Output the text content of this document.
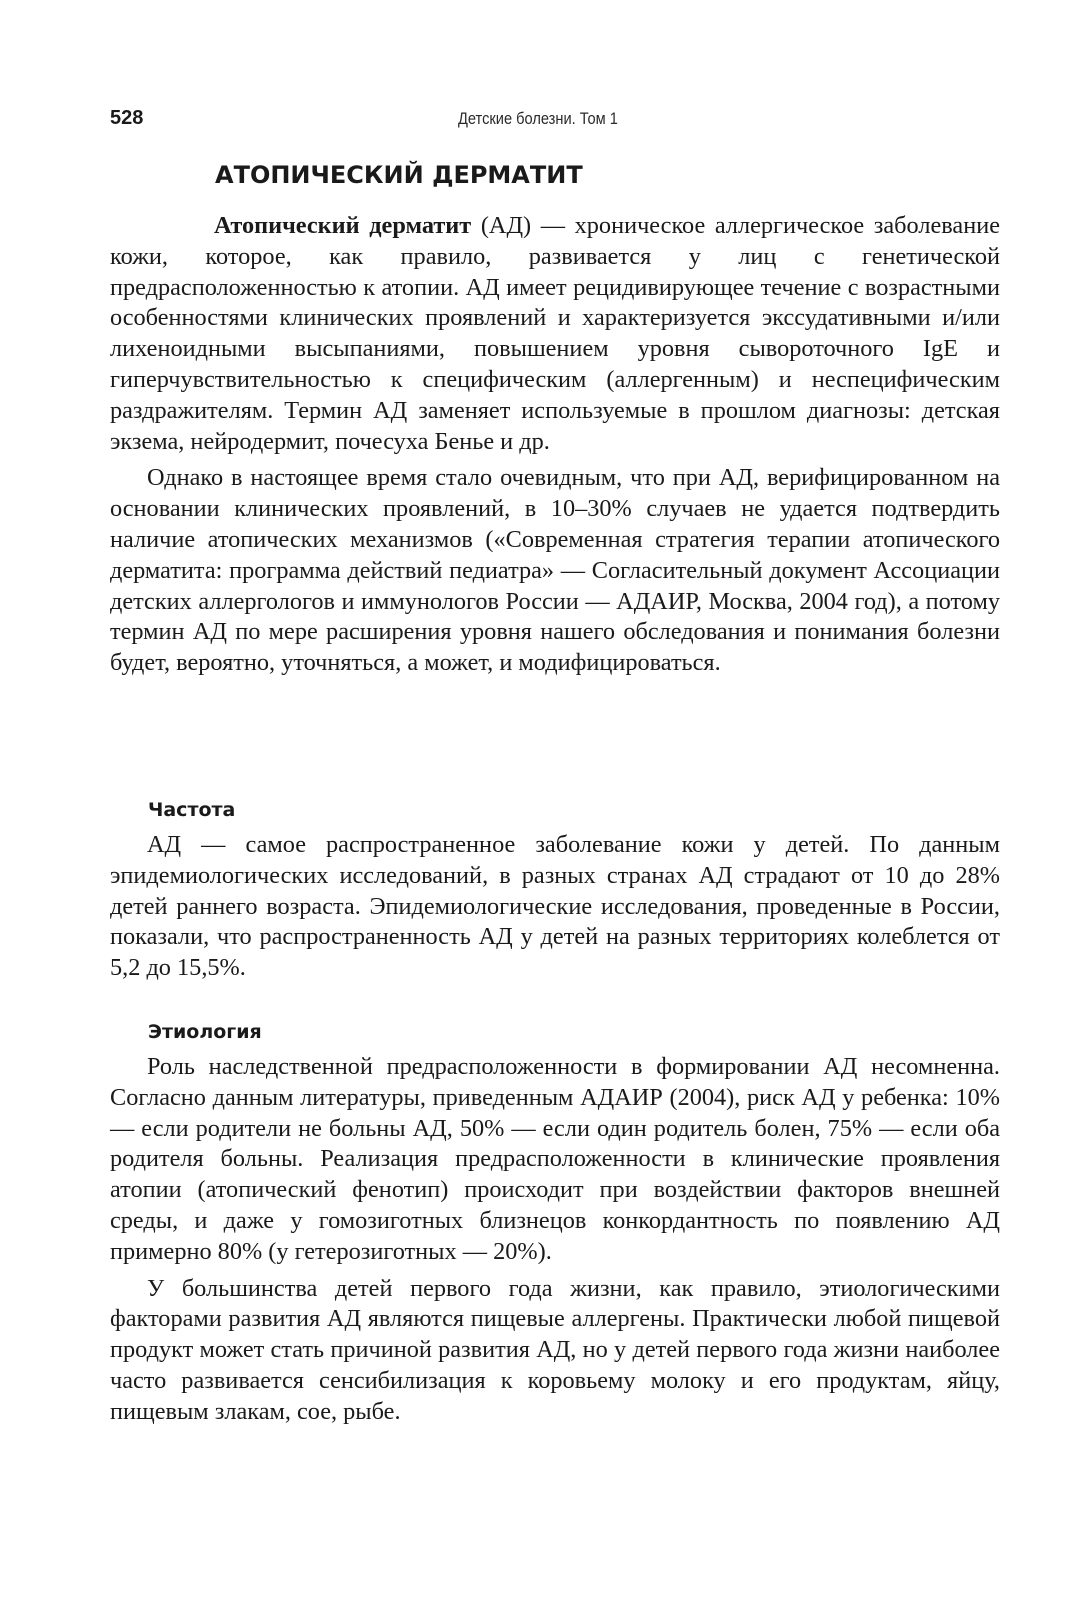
528	Детские болезни. Том 1
АТОПИЧЕСКИЙ ДЕРМАТИТ

Атопический дерматит (АД) — хроническое аллергическое заболевание кожи, которое, как правило, развивается у лиц с генетической предрасположенностью к атопии. АД имеет рецидивирующее течение с возрастными особенностями клинических проявлений и характеризуется экссудативными и/или лихеноидными высыпаниями, повышением уровня сывороточного IgE и гиперчувствительностью к специфическим (аллергенным) и неспецифическим раздражителям. Термин АД заменяет используемые в прошлом диагнозы: детская экзема, нейродермит, почесуха Бенье и др.

Однако в настоящее время стало очевидным, что при АД, верифицированном на основании клинических проявлений, в 10–30% случаев не удается подтвердить наличие атопических механизмов («Современная стратегия терапии атопического дерматита: программа действий педиатра» — Согласительный документ Ассоциации детских аллергологов и иммунологов России — АДАИР, Москва, 2004 год), а потому термин АД по мере расширения уровня нашего обследования и понимания болезни будет, вероятно, уточняться, а может, и модифицироваться.

Частота

АД — самое распространенное заболевание кожи у детей. По данным эпидемиологических исследований, в разных странах АД страдают от 10 до 28% детей раннего возраста. Эпидемиологические исследования, проведенные в России, показали, что распространенность АД у детей на разных территориях колеблется от 5,2 до 15,5%.

Этиология

Роль наследственной предрасположенности в формировании АД несомненна. Согласно данным литературы, приведенным АДАИР (2004), риск АД у ребенка: 10% — если родители не больны АД, 50% — если один родитель болен, 75% — если оба родителя больны. Реализация предрасположенности в клинические проявления атопии (атопический фенотип) происходит при воздействии факторов внешней среды, и даже у гомозиготных близнецов конкордантность по появлению АД примерно 80% (у гетерозиготных — 20%).

У большинства детей первого года жизни, как правило, этиологическими факторами развития АД являются пищевые аллергены. Практически любой пищевой продукт может стать причиной развития АД, но у детей первого года жизни наиболее часто развивается сенсибилизация к коровьему молоку и его продуктам, яйцу, пищевым злакам, сое, рыбе.
